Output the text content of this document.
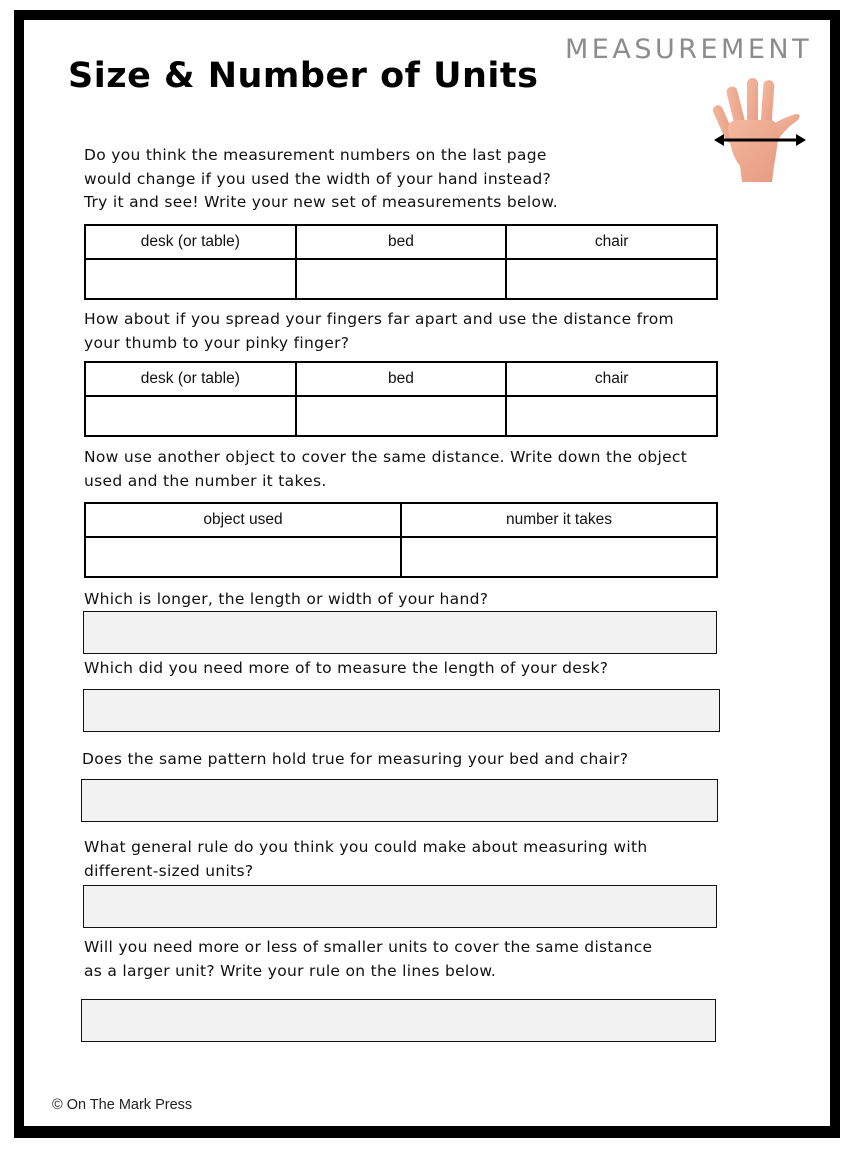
MEASUREMENT
Size & Number of Units
Do you think the measurement numbers on the last page
would change if you used the width of your hand instead?
Try it and see! Write your new set of measurements below.
desk (or table)	bed	chair

How about if you spread your fingers far apart and use the distance from
your thumb to your pinky finger?
desk (or table)	bed	chair

Now use another object to cover the same distance. Write down the object
used and the number it takes.
object used	number it takes

Which is longer, the length or width of your hand?
Which did you need more of to measure the length of your desk?
Does the same pattern hold true for measuring your bed and chair?
What general rule do you think you could make about measuring with
different-sized units?
Will you need more or less of smaller units to cover the same distance
as a larger unit? Write your rule on the lines below.
© On The Mark Press
